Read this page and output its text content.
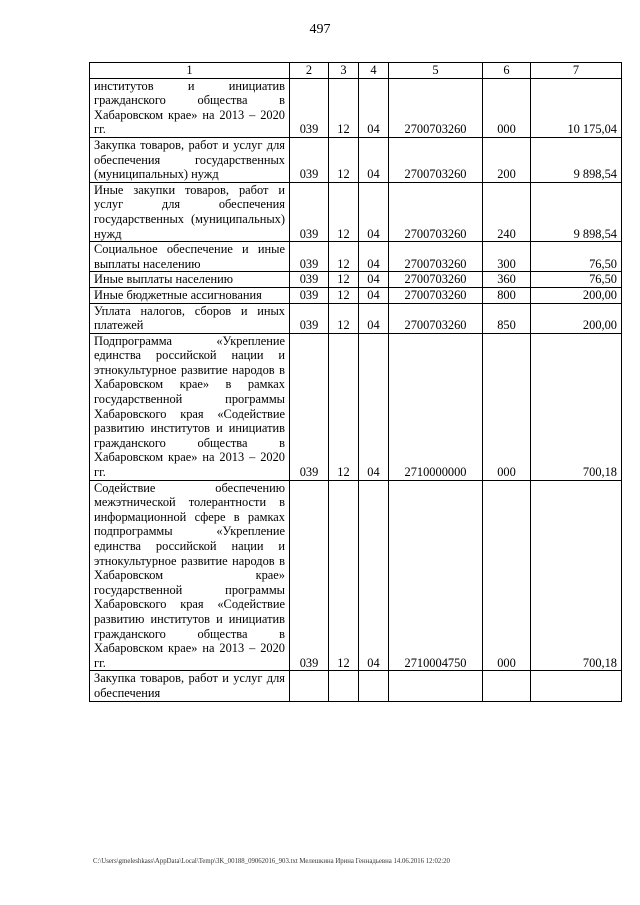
497
1	2	3	4	5	6	7
институтов и инициатив гражданского общества в Хабаровском крае» на 2013 – 2020 гг.	039	12	04	2700703260	000	10 175,04
Закупка товаров, работ и услуг для обеспечения государственных (муниципальных) нужд	039	12	04	2700703260	200	9 898,54
Иные закупки товаров, работ и услуг для обеспечения государственных (муниципальных) нужд	039	12	04	2700703260	240	9 898,54
Социальное обеспечение и иные выплаты населению	039	12	04	2700703260	300	76,50
Иные выплаты населению	039	12	04	2700703260	360	76,50
Иные бюджетные ассигнования	039	12	04	2700703260	800	200,00
Уплата налогов, сборов и иных платежей	039	12	04	2700703260	850	200,00
Подпрограмма «Укрепление единства российской нации и этнокультурное развитие народов в Хабаровском крае» в рамках государственной программы Хабаровского края «Содействие развитию институтов и инициатив гражданского общества в Хабаровском крае» на 2013 – 2020 гг.	039	12	04	2710000000	000	700,18
Содействие обеспечению межэтнической толерантности в информационной сфере в рамках подпрограммы «Укрепление единства российской нации и этнокультурное развитие народов в Хабаровском крае» государственной программы Хабаровского края «Содействие развитию институтов и инициатив гражданского общества в Хабаровском крае» на 2013 – 2020 гг.	039	12	04	2710004750	000	700,18
Закупка товаров, работ и услуг для обеспечения						
C:\Users\gmeleshkass\AppData\Local\Temp\3K_00188_09062016_903.txt Мелешкина Ирина Геннадьевна 14.06.2016 12:02:20
